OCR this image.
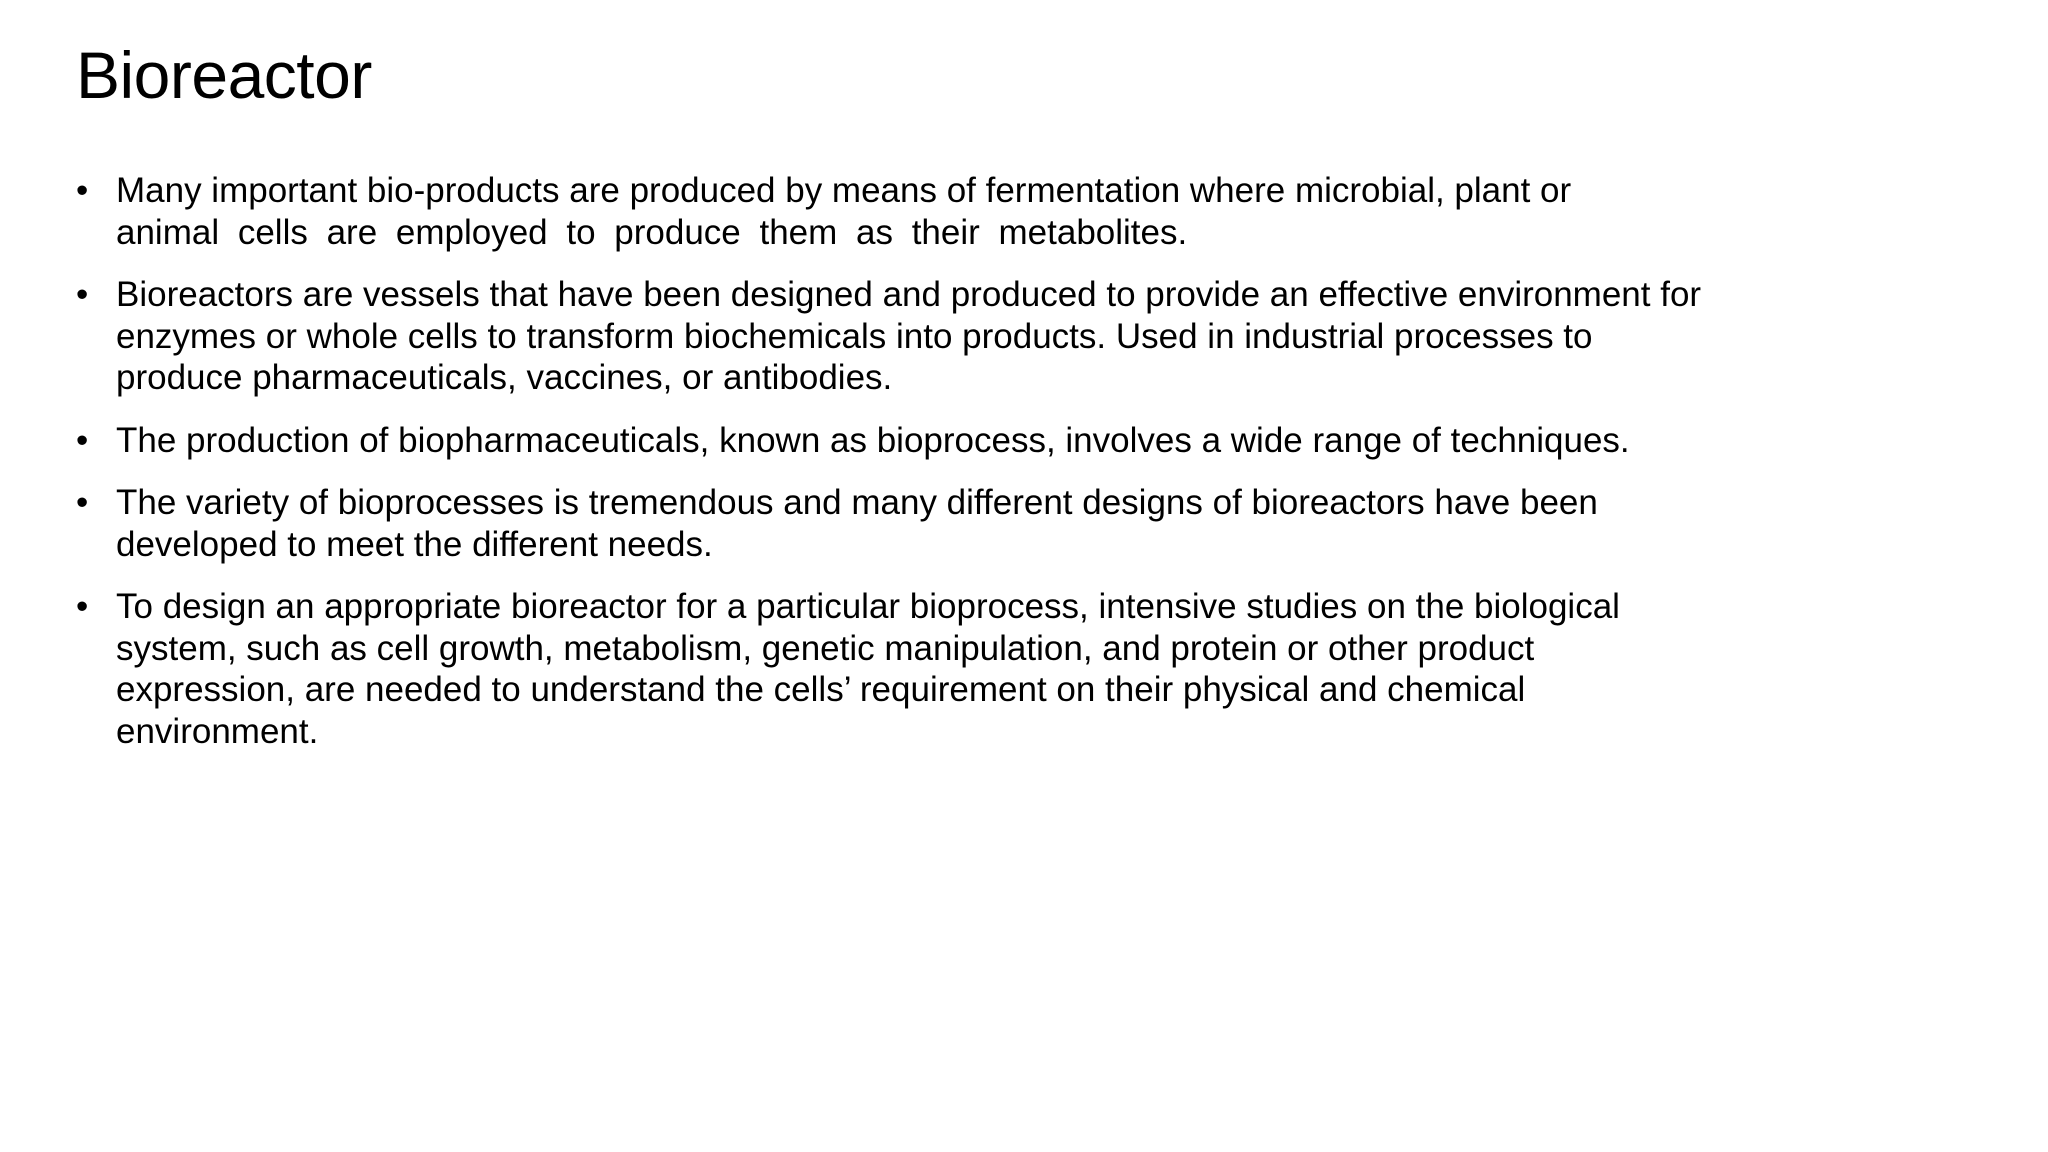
Bioreactor
• Many important bio-products are produced by means of fermentation where microbial, plant or
animal cells are employed to produce them as their metabolites.
• Bioreactors are vessels that have been designed and produced to provide an effective environment for
enzymes or whole cells to transform biochemicals into products. Used in industrial processes to
produce pharmaceuticals, vaccines, or antibodies.
• The production of biopharmaceuticals, known as bioprocess, involves a wide range of techniques.
• The variety of bioprocesses is tremendous and many different designs of bioreactors have been
developed to meet the different needs.
• To design an appropriate bioreactor for a particular bioprocess, intensive studies on the biological
system, such as cell growth, metabolism, genetic manipulation, and protein or other product
expression, are needed to understand the cells’ requirement on their physical and chemical
environment.
